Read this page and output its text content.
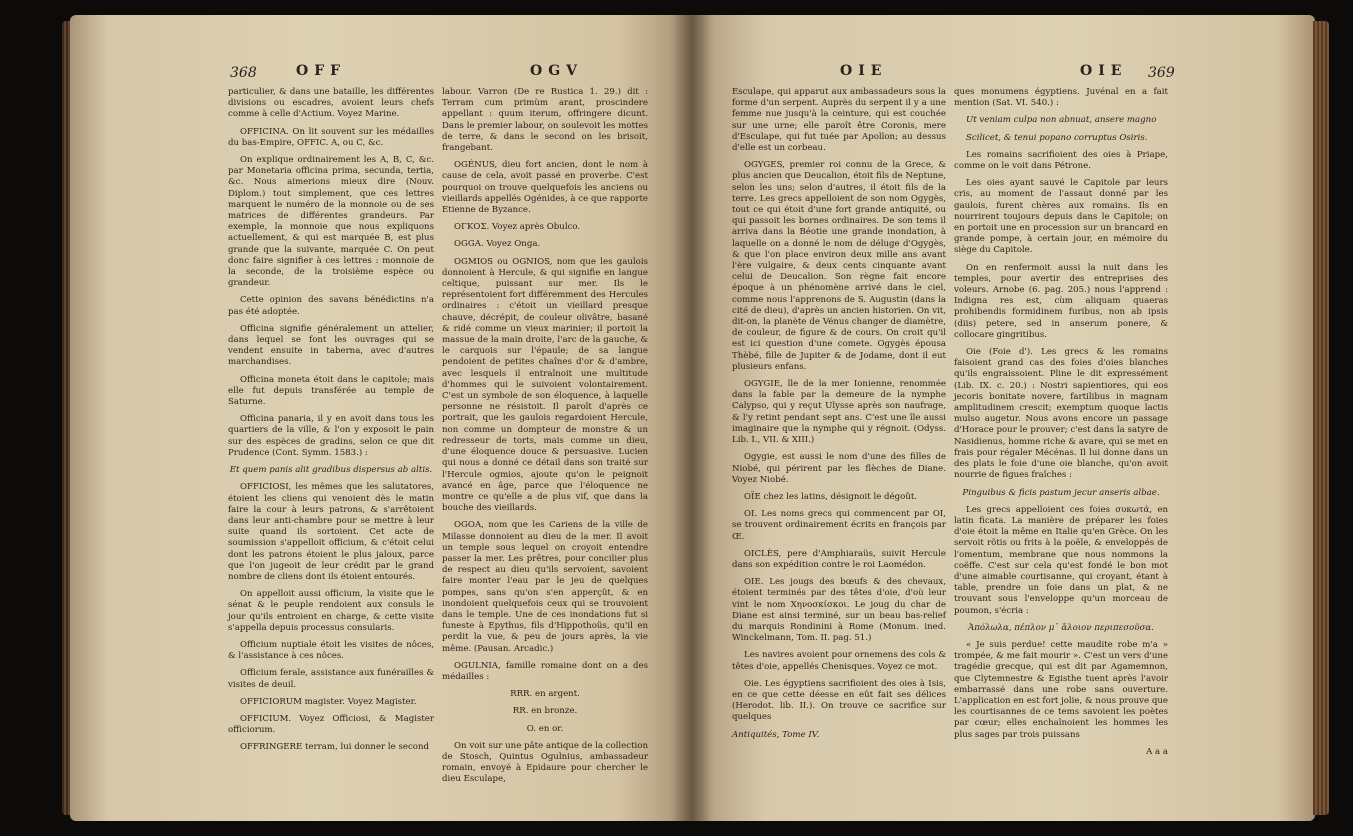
368	OFF	OGV

particulier, & dans une bataille, les différentes divisions ou escadres, avoient leurs chefs comme à celle d'Actium. Voyez Marine.

OFFICINA. On lit souvent sur les médailles du bas-Empire, OFFIC. A, ou C, &c.

On explique ordinairement les A, B, C, &c. par Monetaria officina prima, secunda, tertia, &c. Nous aimerions mieux dire (Nouv. Diplom.) tout simplement, que ces lettres marquent le numéro de la monnoie ou de ses matrices de différentes grandeurs. Par exemple, la monnoie que nous expliquons actuellement, & qui est marquée B, est plus grande que la suivante, marquée C. On peut donc faire signifier à ces lettres : monnoie de la seconde, de la troisième espèce ou grandeur.

Cette opinion des savans bénédictins n'a pas été adoptée.

Officina signifie généralement un attelier, dans lequel se font les ouvrages qui se vendent ensuite in taberna, avec d'autres marchandises.

Officina moneta étoit dans le capitole; mais elle fut depuis transférée au temple de Saturne.

Officina panaria, il y en avoit dans tous les quartiers de la ville, & l'on y exposoit le pain sur des espèces de gradins, selon ce que dit Prudence (Cont. Symm. 1583.) :

Et quem panis alit gradibus dispersus ab altis.

OFFICIOSI, les mêmes que les salutatores, étoient les cliens qui venoient dès le matin faire la cour à leurs patrons, & s'arrêtoient dans leur anti-chambre pour se mettre à leur suite quand ils sortoient. Cet acte de soumission s'appelloit officium, & c'étoit celui dont les patrons étoient le plus jaloux, parce que l'on jugeoit de leur crédit par le grand nombre de cliens dont ils étoient entourés.

On appelloit aussi officium, la visite que le sénat & le peuple rendoient aux consuls le jour qu'ils entroient en charge, & cette visite s'appella depuis processus consularis.

Officium nuptiale étoit les visites de nôces, & l'assistance à ces nôces.

Officium ferale, assistance aux funérailles & visites de deuil.

OFFICIORUM magister. Voyez Magister.

OFFICIUM. Voyez Officiosi, & Magister officiorum.

OFFRINGERE terram, lui donner le second

labour. Varron (De re Rustica 1. 29.) dit : Terram cum primùm arant, proscindere appellant : quum iterum, offringere dicunt. Dans le premier labour, on soulevoit les mottes de terre, & dans le second on les brisoit, frangebant.

OGÉNUS, dieu fort ancien, dont le nom à cause de cela, avoit passé en proverbe. C'est pourquoi on trouve quelquefois les anciens ou vieillards appellés Ogénides, à ce que rapporte Etienne de Byzance.

ΟΓΚΟΣ. Voyez après Obulco.

OGGA. Voyez Onga.

OGMIOS ou OGNIOS, nom que les gaulois donnoient à Hercule, & qui signifie en langue celtique, puissant sur mer. Ils le représentoient fort différemment des Hercules ordinaires : c'étoit un vieillard presque chauve, décrépit, de couleur olivâtre, basané & ridé comme un vieux marinier; il portoit la massue de la main droite, l'arc de la gauche, & le carquois sur l'épaule; de sa langue pendoient de petites chaînes d'or & d'ambre, avec lesquels il entraînoit une multitude d'hommes qui le suivoient volontairement. C'est un symbole de son éloquence, à laquelle personne ne résistoit. Il paroît d'après ce portrait, que les gaulois regardoient Hercule, non comme un dompteur de monstre & un redresseur de torts, mais comme un dieu, d'une éloquence douce & persuasive. Lucien qui nous a donné ce détail dans son traité sur l'Hercule ogmios, ajoute qu'on le peignoit avancé en âge, parce que l'éloquence ne montre ce qu'elle a de plus vif, que dans la bouche des vieillards.

OGOA, nom que les Cariens de la ville de Milasse donnoient au dieu de la mer. Il avoit un temple sous lequel on croyoit entendre passer la mer. Les prêtres, pour concilier plus de respect au dieu qu'ils servoient, savoient faire monter l'eau par le jeu de quelques pompes, sans qu'on s'en apperçût, & en inondoient quelquefois ceux qui se trouvoient dans le temple. Une de ces inondations fut si funeste à Epythus, fils d'Hippothoüs, qu'il en perdit la vue, & peu de jours après, la vie même. (Pausan. Arcadic.)

OGULNIA, famille romaine dont on a des médailles :

RRR. en argent.

RR. en bronze.

O. en or.

On voit sur une pâte antique de la collection de Stosch, Quintus Ogulnius, ambassadeur romain, envoyé à Epidaure pour chercher le dieu Esculape,

OIE	OIE 369

Esculape, qui apparut aux ambassadeurs sous la forme d'un serpent. Auprès du serpent il y a une femme nue jusqu'à la ceinture, qui est couchée sur une urne; elle paroît être Coronis, mere d'Esculape, qui fut tuée par Apollon; au dessus d'elle est un corbeau.

OGYGES, premier roi connu de la Grece, & plus ancien que Deucalion, étoit fils de Neptune, selon les uns; selon d'autres, il étoit fils de la terre. Les grecs appelloient de son nom Ogygès, tout ce qui étoit d'une fort grande antiquité, ou qui passoit les bornes ordinaires. De son tems il arriva dans la Béotie une grande inondation, à laquelle on a donné le nom de déluge d'Ogygès, & que l'on place environ deux mille ans avant l'ère vulgaire, & deux cents cinquante avant celui de Deucalion. Son règne fait encore époque à un phénomène arrivé dans le ciel, comme nous l'apprenons de S. Augustin (dans la cité de dieu), d'après un ancien historien. On vit, dit-on, la planète de Vénus changer de diamètre, de couleur, de figure & de cours. On croit qu'il est ici question d'une comete. Ogygès épousa Thèbé, fille de Jupiter & de Jodame, dont il eut plusieurs enfans.

OGYGIE, île de la mer Ionienne, renommée dans la fable par la demeure de la nymphe Calypso, qui y reçut Ulysse après son naufrage, & l'y retint pendant sept ans. C'est une île aussi imaginaire que la nymphe qui y régnoit. (Odyss. Lib. I., VII. & XIII.)

Ogygie, est aussi le nom d'une des filles de Niobé, qui périrent par les flèches de Diane. Voyez Niobé.

OÏE chez les latins, désignoit le dégoût.

OI. Les noms grecs qui commencent par OI, se trouvent ordinairement écrits en françois par Œ.

OICLÈS, pere d'Amphiaraüs, suivit Hercule dans son expédition contre le roi Laomédon.

OIE. Les jougs des bœufs & des chevaux, étoient terminés par des têtes d'oie, d'où leur vint le nom Χηνοσκίσκοι. Le joug du char de Diane est ainsi terminé, sur un beau bas-relief du marquis Rondinini à Rome (Monum. ined. Winckelmann, Tom. II. pag. 51.)

Les navires avoient pour ornemens des cols & têtes d'oie, appellés Chenisques. Voyez ce mot.

Oie. Les égyptiens sacrifioient des oies à Isis, en ce que cette déesse en eût fait ses délices (Herodot. lib. II.). On trouve ce sacrifice sur quelques

Antiquités, Tome IV.

ques monumens égyptiens. Juvénal en a fait mention (Sat. VI. 540.) :

Ut veniam culpa non abnuat, ansere magno

Scilicet, & tenui popano corruptus Osiris.

Les romains sacrifioient des oies à Priape, comme on le voit dans Pétrone.

Les oies ayant sauvé le Capitole par leurs cris, au moment de l'assaut donné par les gaulois, furent chères aux romains. Ils en nourrirent toujours depuis dans le Capitole; on en portoit une en procession sur un brancard en grande pompe, à certain jour, en mémoire du siège du Capitole.

On en renfermoit aussi la nuit dans les temples, pour avertir des entreprises des voleurs. Arnobe (6. pag. 205.) nous l'apprend : Indigna res est, cùm aliquam quaeras prohibendis formidinem furibus, non ab ipsis (diis) petere, sed in anserum ponere, & collocare gingritibus.

Oie (Foie d'). Les grecs & les romains faisoient grand cas des foies d'oies blanches qu'ils engraissoient. Pline le dit expressément (Lib. IX. c. 20.) : Nostri sapientiores, qui eos jecoris bonitate novere, fartilibus in magnam amplitudinem crescit; exemptum quoque lactis mulso augetur. Nous avons encore un passage d'Horace pour le prouver; c'est dans la satyre de Nasidienus, homme riche & avare, qui se met en frais pour régaler Mécénas. Il lui donne dans un des plats le foie d'une oie blanche, qu'on avoit nourrie de figues fraîches :

Pinguibus & ficis pastum jecur anseris albae.

Les grecs appelloient ces foies συκωτά, en latin ficata. La manière de préparer les foies d'oie étoit la même en Italie qu'en Grèce. On les servoit rôtis ou frits à la poële, & enveloppés de l'omentum, membrane que nous nommons la coëffe. C'est sur cela qu'est fondé le bon mot d'une aimable courtisanne, qui croyant, étant à table, prendre un foie dans un plat, & ne trouvant sous l'enveloppe qu'un morceau de poumon, s'écria :

Ἀπόλωλα, πέπλον μ᾽ ἄλοιον περιπεσοῦσα.

« Je suis perdue! cette maudite robe m'a » trompée, & me fait mourir ». C'est un vers d'une tragédie grecque, qui est dit par Agamemnon, que Clytemnestre & Egisthe tuent après l'avoir embarrassé dans une robe sans ouverture. L'application en est fort jolie, & nous prouve que les courtisannes de ce tems savoient les poètes par cœur; elles enchaînoient les hommes les plus sages par trois puissans

A a a
